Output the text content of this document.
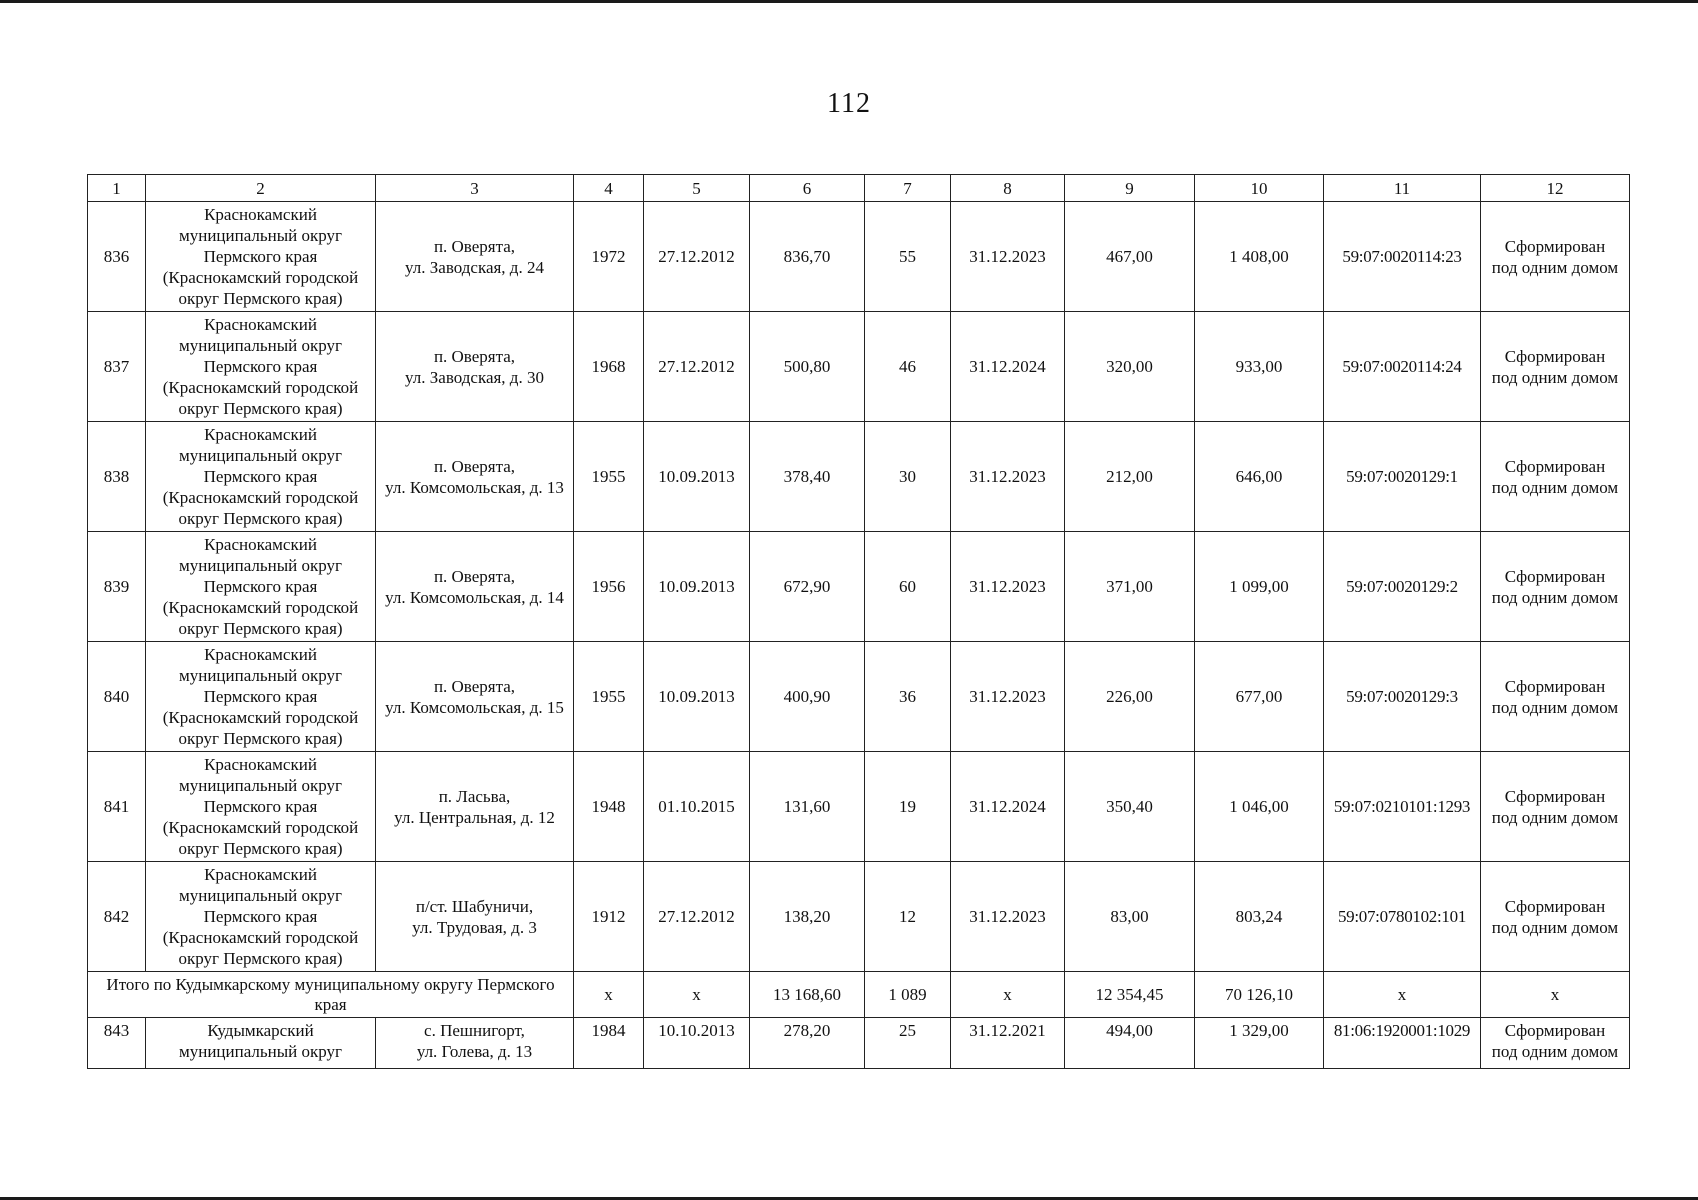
112
1	2	3	4	5	6	7	8	9	10	11	12
836	Краснокамский
муниципальный округ
Пермского края
(Краснокамский городской
округ Пермского края)	п. Оверята,
ул. Заводская, д. 24	1972	27.12.2012	836,70	55	31.12.2023	467,00	1 408,00	59:07:0020114:23	Сформирован
под одним домом

837	Краснокамский
муниципальный округ
Пермского края
(Краснокамский городской
округ Пермского края)	п. Оверята,
ул. Заводская, д. 30	1968	27.12.2012	500,80	46	31.12.2024	320,00	933,00	59:07:0020114:24	Сформирован
под одним домом

838	Краснокамский
муниципальный округ
Пермского края
(Краснокамский городской
округ Пермского края)	п. Оверята,
ул. Комсомольская, д. 13	1955	10.09.2013	378,40	30	31.12.2023	212,00	646,00	59:07:0020129:1	Сформирован
под одним домом

839	Краснокамский
муниципальный округ
Пермского края
(Краснокамский городской
округ Пермского края)	п. Оверята,
ул. Комсомольская, д. 14	1956	10.09.2013	672,90	60	31.12.2023	371,00	1 099,00	59:07:0020129:2	Сформирован
под одним домом

840	Краснокамский
муниципальный округ
Пермского края
(Краснокамский городской
округ Пермского края)	п. Оверята,
ул. Комсомольская, д. 15	1955	10.09.2013	400,90	36	31.12.2023	226,00	677,00	59:07:0020129:3	Сформирован
под одним домом

841	Краснокамский
муниципальный округ
Пермского края
(Краснокамский городской
округ Пермского края)	п. Ласьва,
ул. Центральная, д. 12	1948	01.10.2015	131,60	19	31.12.2024	350,40	1 046,00	59:07:0210101:1293	Сформирован
под одним домом

842	Краснокамский
муниципальный округ
Пермского края
(Краснокамский городской
округ Пермского края)	п/ст. Шабуничи,
ул. Трудовая, д. 3	1912	27.12.2012	138,20	12	31.12.2023	83,00	803,24	59:07:0780102:101	Сформирован
под одним домом

Итого по Кудымкарскому муниципальному округу Пермского края			x	x	13 168,60	1 089	x	12 354,45	70 126,10	x	x
843	Кудымкарский
муниципальный округ	с. Пешнигорт,
ул. Голева, д. 13	1984	10.10.2013	278,20	25	31.12.2021	494,00	1 329,00	81:06:1920001:1029	Сформирован
под одним домом
